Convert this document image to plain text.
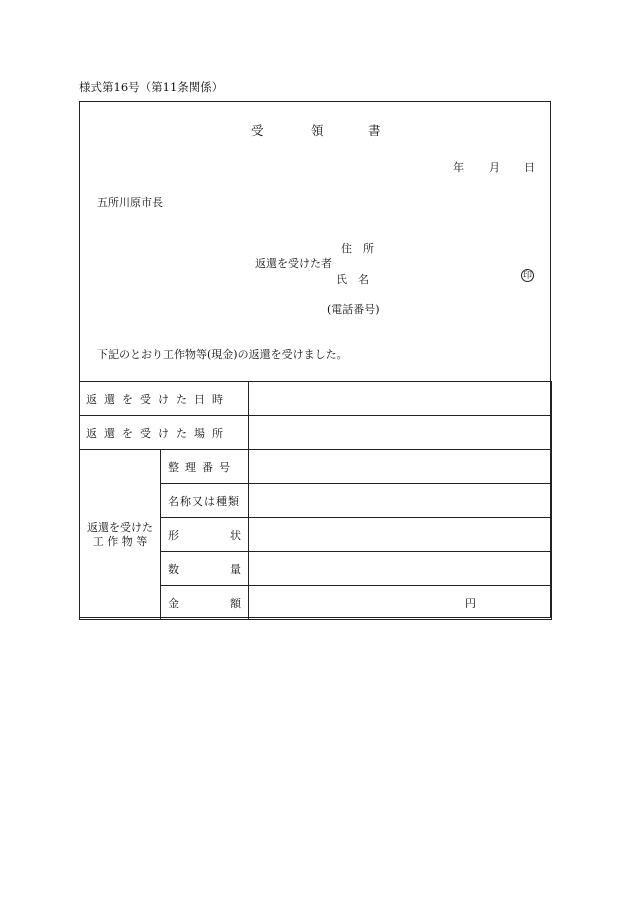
様式第16号（第11条関係）
受	領	書
年 月 日
五所川原市長
住　所
返還を受けた者
氏　名	印
(電話番号)
下記のとおり工作物等(現金)の返還を受けました。
返還を受けた日時		
返還を受けた場所		
返還を受けた
工 作 物 等	整理番号	
	名称又は種類	

	形 状	

	数 量	

	金 額	円
